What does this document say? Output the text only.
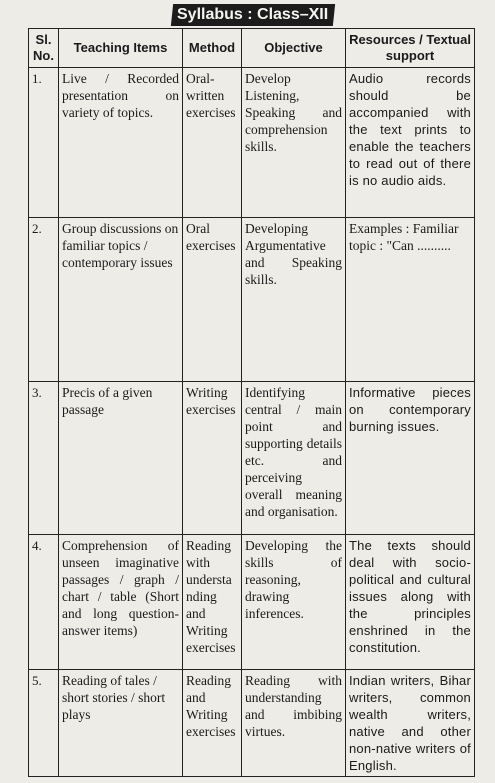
Syllabus : Class–XII
Sl. No.	Teaching Items	Method	Objective	Resources / Textual support
1.	Live / Recorded presentation on variety of topics.	Oral-written exercises	Develop Listening, Speaking and comprehension skills.	Audio records should be accompanied with the text prints to enable the teachers to read out of there is no audio aids.
2.	Group discussions on familiar topics / contemporary issues	Oral exercises	Developing Argumentative and Speaking skills.	Examples : Familiar topic : "Can ..........
3.	Precis of a given passage	Writing exercises	Identifying central / main point and supporting details etc. and perceiving overall meaning and organisation.	Informative pieces on contemporary burning issues.
4.	Comprehension of unseen imaginative passages / graph / chart / table (Short and long question-answer items)	Reading with understanding and Writing exercises	Developing the skills of reasoning, drawing inferences.	The texts should deal with socio-political and cultural issues along with the principles enshrined in the constitution.
5.	Reading of tales / short stories / short plays	Reading and Writing exercises	Reading with understanding and imbibing virtues.	Indian writers, Bihar writers, common wealth writers, native and other non-native writers of English.
